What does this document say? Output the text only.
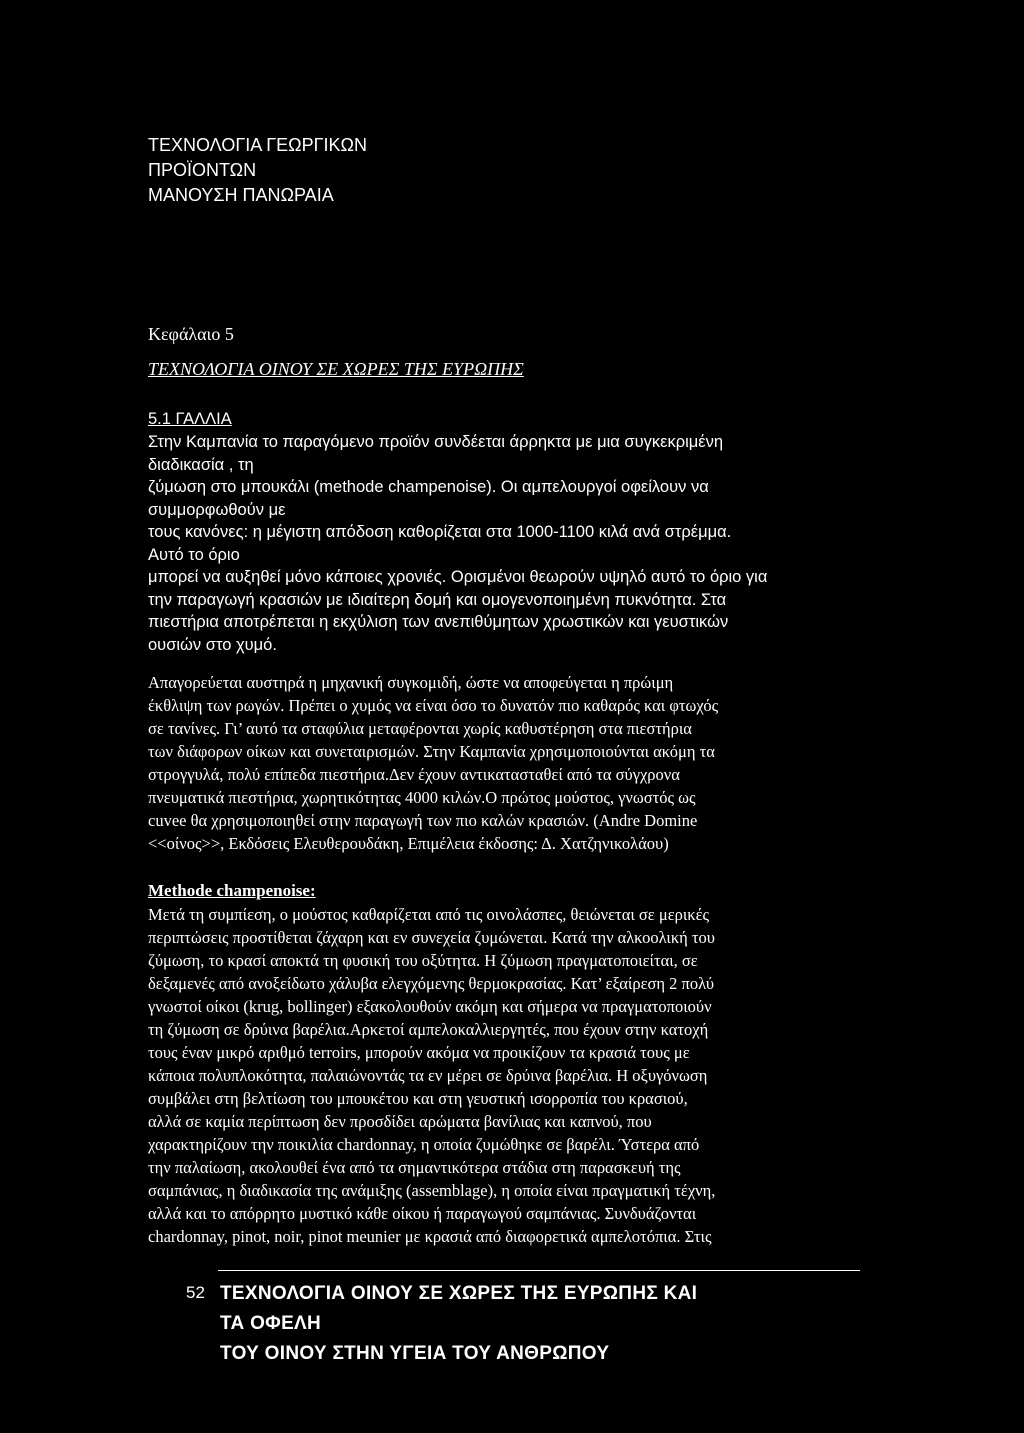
ΤΕΧΝΟΛΟΓΙΑ ΓΕΩΡΓΙΚΩΝ
ΠΡΟΪΟΝΤΩΝ
ΜΑΝΟΥΣΗ ΠΑΝΩΡΑΙΑ
Κεφάλαιο 5
ΤΕΧΝΟΛΟΓΙΑ ΟΙΝΟΥ ΣΕ ΧΩΡΕΣ ΤΗΣ ΕΥΡΩΠΗΣ
5.1 ΓΑΛΛΙΑ
Στην Καμπανία το παραγόμενο προϊόν συνδέεται άρρηκτα με μια συγκεκριμένη
διαδικασία , τη
ζύμωση στο μπουκάλι (methode champenoise). Οι αμπελουργοί οφείλουν να
συμμορφωθούν με
τους κανόνες: η μέγιστη απόδοση καθορίζεται στα 1000-1100 κιλά ανά στρέμμα.
Αυτό το όριο
μπορεί να αυξηθεί μόνο κάποιες χρονιές. Ορισμένοι θεωρούν υψηλό αυτό το όριο για
την παραγωγή κρασιών με ιδιαίτερη δομή και ομογενοποιημένη πυκνότητα. Στα
πιεστήρια αποτρέπεται η εκχύλιση των ανεπιθύμητων χρωστικών και γευστικών
ουσιών στο χυμό.
Απαγορεύεται αυστηρά η μηχανική συγκομιδή, ώστε να αποφεύγεται η πρώιμη
έκθλιψη των ρωγών. Πρέπει ο χυμός να είναι όσο το δυνατόν πιο καθαρός και φτωχός
σε τανίνες. Γι’ αυτό τα σταφύλια μεταφέρονται χωρίς καθυστέρηση στα πιεστήρια
των διάφορων οίκων και συνεταιρισμών. Στην Καμπανία χρησιμοποιούνται ακόμη τα
στρογγυλά, πολύ επίπεδα πιεστήρια.Δεν έχουν αντικατασταθεί από τα σύγχρονα
πνευματικά πιεστήρια, χωρητικότητας 4000 κιλών.Ο πρώτος μούστος, γνωστός ως
cuvee θα χρησιμοποιηθεί στην παραγωγή των πιο καλών κρασιών. (Andre Domine
<<οίνος>>, Εκδόσεις Ελευθερουδάκη, Επιμέλεια έκδοσης: Δ. Χατζηνικολάου)
Methode champenoise:
Μετά τη συμπίεση, ο μούστος καθαρίζεται από τις οινολάσπες, θειώνεται σε μερικές
περιπτώσεις προστίθεται ζάχαρη και εν συνεχεία ζυμώνεται. Κατά την αλκοολική του
ζύμωση, το κρασί αποκτά τη φυσική του οξύτητα. Η ζύμωση πραγματοποιείται, σε
δεξαμενές από ανοξείδωτο χάλυβα ελεγχόμενης θερμοκρασίας. Κατ’ εξαίρεση 2 πολύ
γνωστοί οίκοι (krug, bollinger) εξακολουθούν ακόμη και σήμερα να πραγματοποιούν
τη ζύμωση σε δρύινα βαρέλια.Αρκετοί αμπελοκαλλιεργητές, που έχουν στην κατοχή
τους έναν μικρό αριθμό terroirs, μπορούν ακόμα να προικίζουν τα κρασιά τους με
κάποια πολυπλοκότητα, παλαιώνοντάς τα εν μέρει σε δρύινα βαρέλια. Η οξυγόνωση
συμβάλει στη βελτίωση του μπουκέτου και στη γευστική ισορροπία του κρασιού,
αλλά σε καμία περίπτωση δεν προσδίδει αρώματα βανίλιας και καπνού, που
χαρακτηρίζουν την ποικιλία chardonnay, η οποία ζυμώθηκε σε βαρέλι. Ύστερα από
την παλαίωση, ακολουθεί ένα από τα σημαντικότερα στάδια στη παρασκευή της
σαμπάνιας, η διαδικασία της ανάμιξης (assemblage), η οποία είναι πραγματική τέχνη,
αλλά και το απόρρητο μυστικό κάθε οίκου ή παραγωγού σαμπάνιας. Συνδυάζονται
chardonnay, pinot, noir, pinot meunier με κρασιά από διαφορετικά αμπελοτόπια. Στις
52 ΤΕΧΝΟΛΟΓΙΑ ΟΙΝΟΥ ΣΕ ΧΩΡΕΣ ΤΗΣ ΕΥΡΩΠΗΣ ΚΑΙ
ΤΑ ΟΦΕΛΗ
ΤΟΥ ΟΙΝΟΥ ΣΤΗΝ ΥΓΕΙΑ ΤΟΥ ΑΝΘΡΩΠΟΥ
